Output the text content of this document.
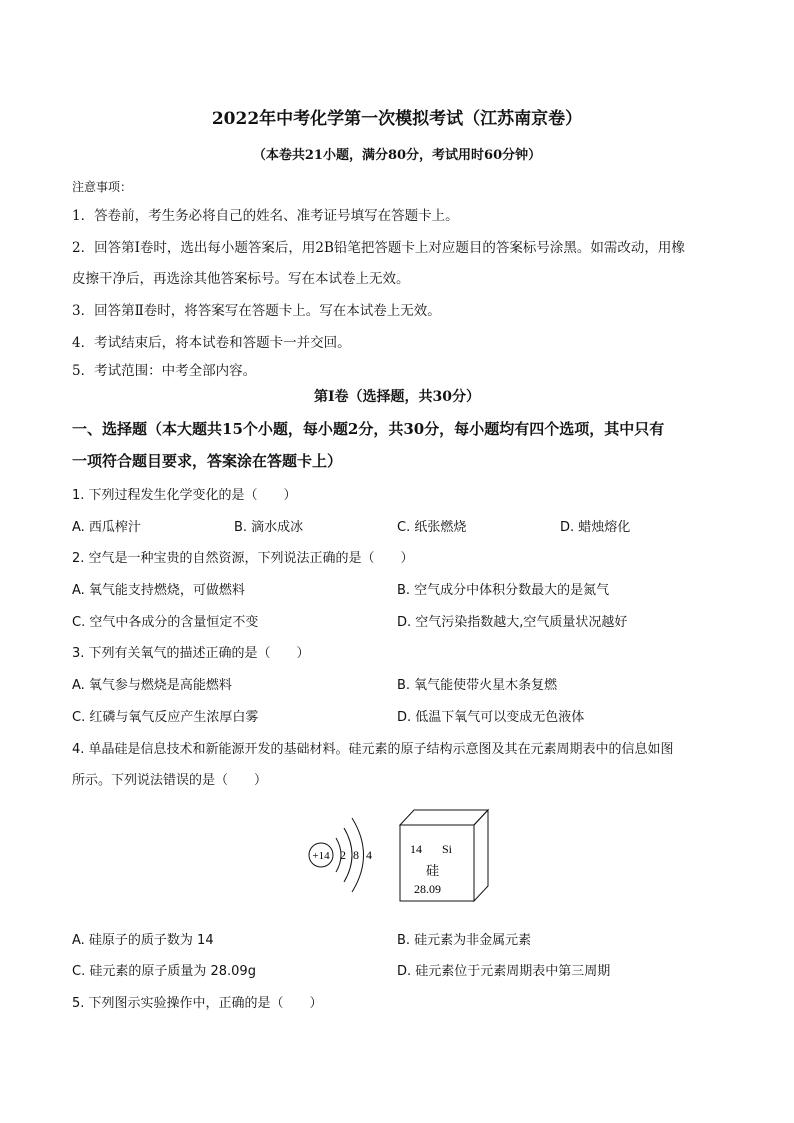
2022年中考化学第一次模拟考试（江苏南京卷）
（本卷共21小题，满分80分，考试用时60分钟）
注意事项：
1．答卷前，考生务必将自己的姓名、准考证号填写在答题卡上。
2．回答第Ⅰ卷时，选出每小题答案后，用2B铅笔把答题卡上对应题目的答案标号涂黑。如需改动，用橡
皮擦干净后，再选涂其他答案标号。写在本试卷上无效。
3．回答第Ⅱ卷时，将答案写在答题卡上。写在本试卷上无效。
4．考试结束后，将本试卷和答题卡一并交回。
5．考试范围：中考全部内容。
第Ⅰ卷（选择题，共30分）
一、选择题（本大题共15个小题，每小题2分，共30分，每小题均有四个选项，其中只有
一项符合题目要求，答案涂在答题卡上）
1. 下列过程发生化学变化的是（　　）
A. 西瓜榨汁	B. 滴水成冰	C. 纸张燃烧	D. 蜡烛熔化
2. 空气是一种宝贵的自然资源，下列说法正确的是（　　）
A. 氧气能支持燃烧，可做燃料	B. 空气成分中体积分数最大的是氮气
C. 空气中各成分的含量恒定不变	D. 空气污染指数越大,空气质量状况越好
3. 下列有关氧气的描述正确的是（　　）
A. 氧气参与燃烧是高能燃料	B. 氧气能使带火星木条复燃
C. 红磷与氧气反应产生浓厚白雾	D. 低温下氧气可以变成无色液体
4. 单晶硅是信息技术和新能源开发的基础材料。硅元素的原子结构示意图及其在元素周期表中的信息如图
所示。下列说法错误的是（　　）
+14 2 8 4	14 Si
硅
28.09
A. 硅原子的质子数为 14	B. 硅元素为非金属元素
C. 硅元素的原子质量为 28.09g	D. 硅元素位于元素周期表中第三周期
5. 下列图示实验操作中，正确的是（　　）
